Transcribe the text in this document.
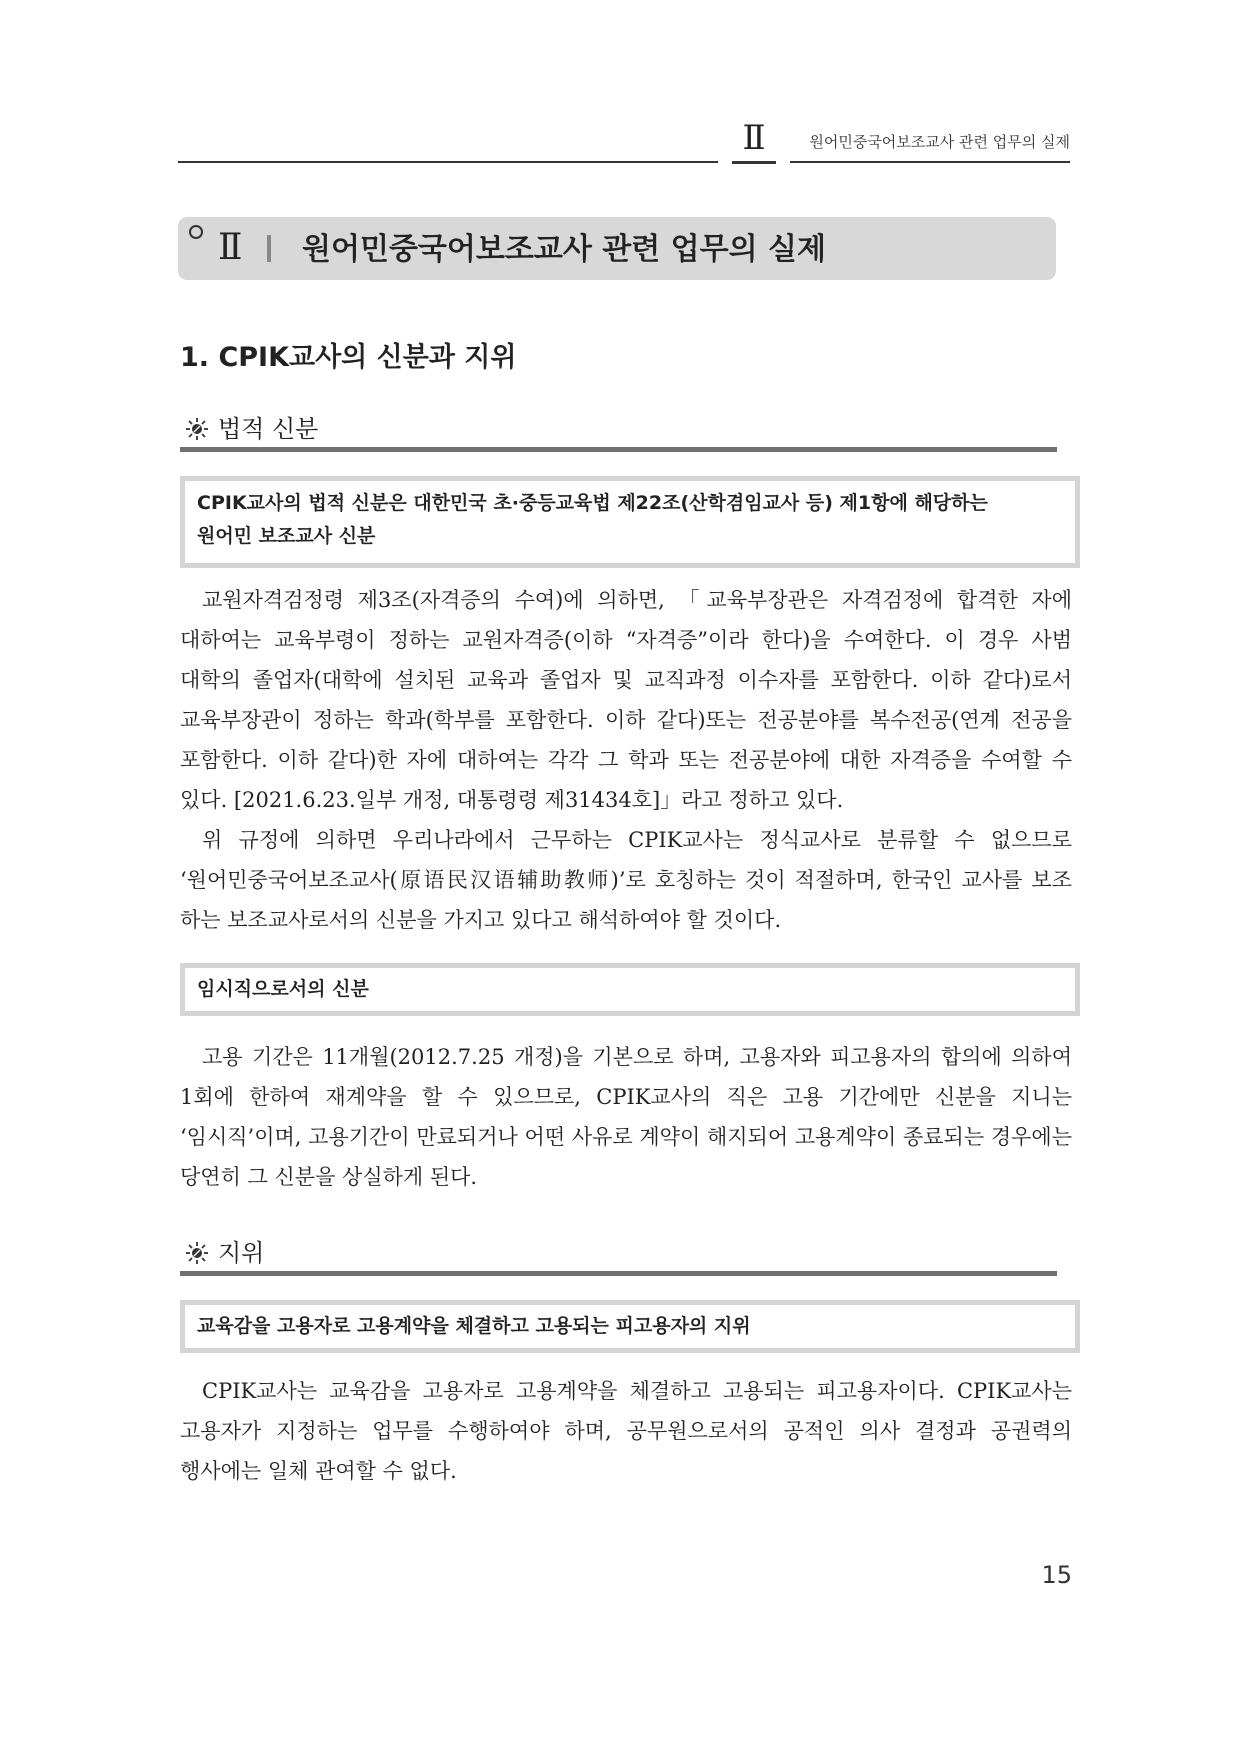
Ⅱ	원어민중국어보조교사 관련 업무의 실제
Ⅱ 원어민중국어보조교사 관련 업무의 실제
1. CPIK교사의 신분과 지위
법적 신분
CPIK교사의 법적 신분은 대한민국 초·중등교육법 제22조(산학겸임교사 등) 제1항에 해당하는
원어민 보조교사 신분
교원자격검정령 제3조(자격증의 수여)에 의하면, 「교육부장관은 자격검정에 합격한 자에
대하여는 교육부령이 정하는 교원자격증(이하 “자격증”이라 한다)을 수여한다. 이 경우 사범
대학의 졸업자(대학에 설치된 교육과 졸업자 및 교직과정 이수자를 포함한다. 이하 같다)로서
교육부장관이 정하는 학과(학부를 포함한다. 이하 같다)또는 전공분야를 복수전공(연계 전공을
포함한다. 이하 같다)한 자에 대하여는 각각 그 학과 또는 전공분야에 대한 자격증을 수여할 수
있다. [2021.6.23.일부 개정, 대통령령 제31434호]」라고 정하고 있다.
위 규정에 의하면 우리나라에서 근무하는 CPIK교사는 정식교사로 분류할 수 없으므로
‘원어민중국어보조교사(原语民汉语辅助教师)’로 호칭하는 것이 적절하며, 한국인 교사를 보조
하는 보조교사로서의 신분을 가지고 있다고 해석하여야 할 것이다.
임시직으로서의 신분
고용 기간은 11개월(2012.7.25 개정)을 기본으로 하며, 고용자와 피고용자의 합의에 의하여
1회에 한하여 재계약을 할 수 있으므로, CPIK교사의 직은 고용 기간에만 신분을 지니는
‘임시직’이며, 고용기간이 만료되거나 어떤 사유로 계약이 해지되어 고용계약이 종료되는 경우에는
당연히 그 신분을 상실하게 된다.
지위
교육감을 고용자로 고용계약을 체결하고 고용되는 피고용자의 지위
CPIK교사는 교육감을 고용자로 고용계약을 체결하고 고용되는 피고용자이다. CPIK교사는
고용자가 지정하는 업무를 수행하여야 하며, 공무원으로서의 공적인 의사 결정과 공권력의
행사에는 일체 관여할 수 없다.
15
